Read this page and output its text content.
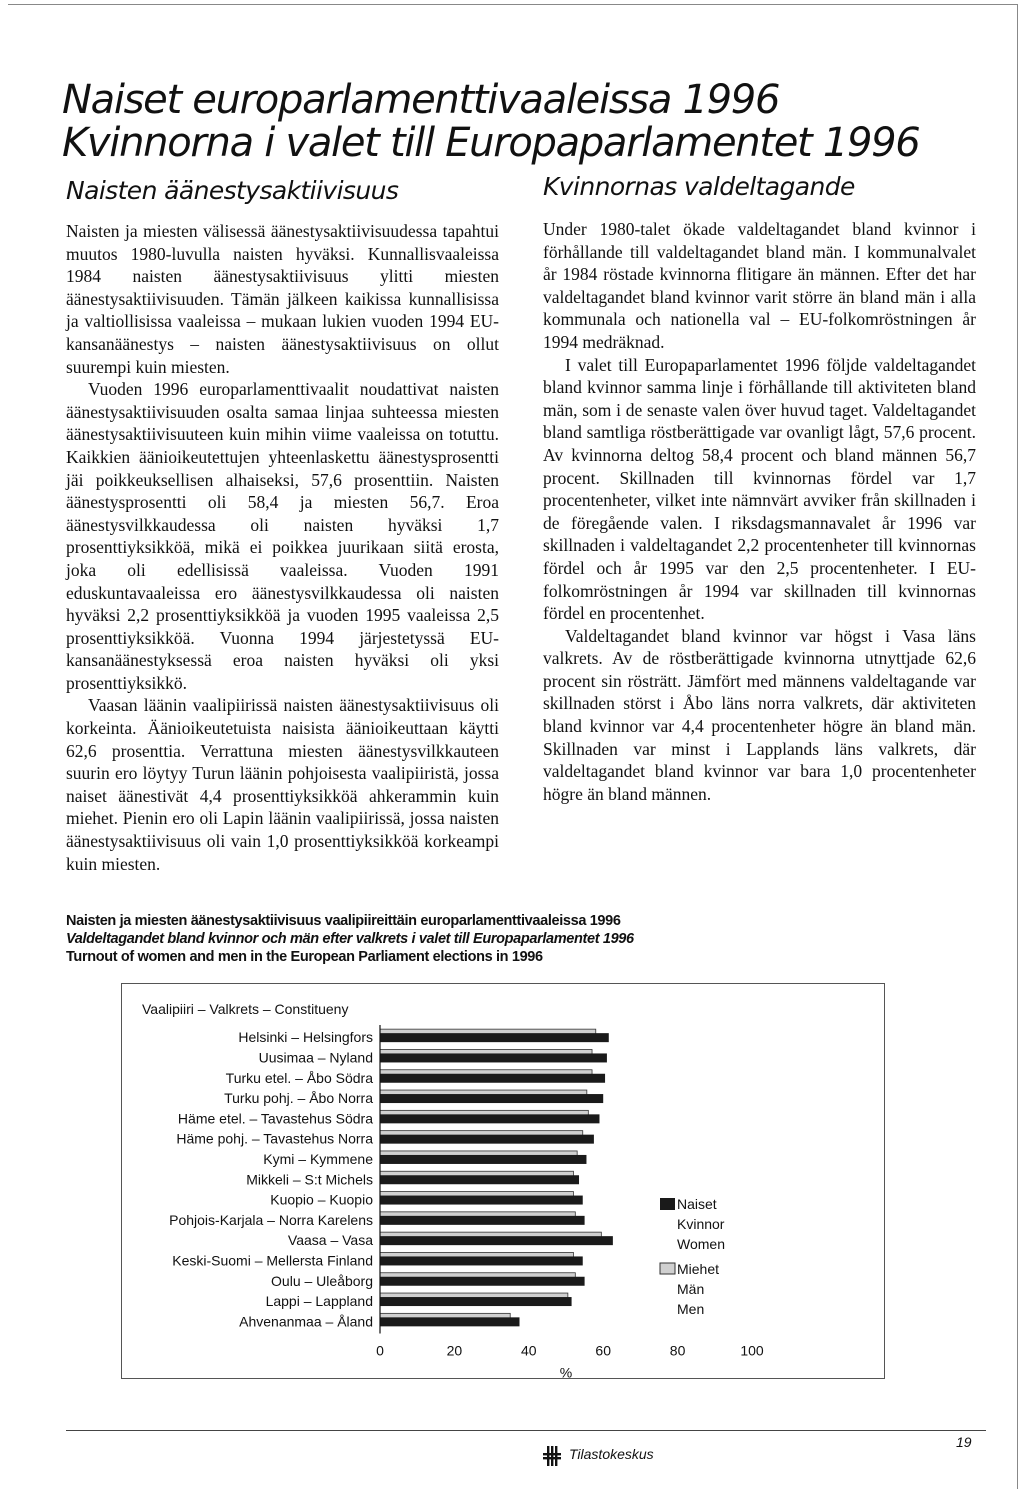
Naiset europarlamenttivaaleissa 1996
Kvinnorna i valet till Europaparlamentet 1996
Naisten äänestysaktiivisuus	Kvinnornas valdeltagande

Naisten ja miesten välisessä äänestysaktiivisuudessa tapahtui muutos 1980-luvulla naisten hyväksi. Kunnallisvaaleissa 1984 naisten äänestysaktiivisuus ylitti miesten äänestysaktiivisuuden. Tämän jälkeen kaikissa kunnallisissa ja valtiollisissa vaaleissa – mukaan lukien vuoden 1994 EU-kansanäänestys – naisten äänestysaktiivisuus on ollut suurempi kuin miesten.

Vuoden 1996 europarlamenttivaalit noudattivat naisten äänestysaktiivisuuden osalta samaa linjaa suhteessa miesten äänestysaktiivisuuteen kuin mihin viime vaaleissa on totuttu. Kaikkien äänioikeutettujen yhteenlaskettu äänestysprosentti jäi poikkeuksellisen alhaiseksi, 57,6 prosenttiin. Naisten äänestysprosentti oli 58,4 ja miesten 56,7. Eroa äänestysvilkkaudessa oli naisten hyväksi 1,7 prosenttiyksikköä, mikä ei poikkea juurikaan siitä erosta, joka oli edellisissä vaaleissa. Vuoden 1991 eduskuntavaaleissa ero äänestysvilkkaudessa oli naisten hyväksi 2,2 prosenttiyksikköä ja vuoden 1995 vaaleissa 2,5 prosenttiyksikköä. Vuonna 1994 järjestetyssä EU-kansanäänestyksessä eroa naisten hyväksi oli yksi prosenttiyksikkö.

Vaasan läänin vaalipiirissä naisten äänestysaktiivisuus oli korkeinta. Äänioikeutetuista naisista äänioikeuttaan käytti 62,6 prosenttia. Verrattuna miesten äänestysvilkkauteen suurin ero löytyy Turun läänin pohjoisesta vaalipiiristä, jossa naiset äänestivät 4,4 prosenttiyksikköä ahkerammin kuin miehet. Pienin ero oli Lapin läänin vaalipiirissä, jossa naisten äänestysaktiivisuus oli vain 1,0 prosenttiyksikköä korkeampi kuin miesten.

Under 1980-talet ökade valdeltagandet bland kvinnor i förhållande till valdeltagandet bland män. I kommunalvalet år 1984 röstade kvinnorna flitigare än männen. Efter det har valdeltagandet bland kvinnor varit större än bland män i alla kommunala och nationella val – EU-folkomröstningen år 1994 medräknad.

I valet till Europaparlamentet 1996 följde valdeltagandet bland kvinnor samma linje i förhållande till aktiviteten bland män, som i de senaste valen över huvud taget. Valdeltagandet bland samtliga röstberättigade var ovanligt lågt, 57,6 procent. Av kvinnorna deltog 58,4 procent och bland männen 56,7 procent. Skillnaden till kvinnornas fördel var 1,7 procentenheter, vilket inte nämnvärt avviker från skillnaden i de föregående valen. I riksdagsmannavalet år 1996 var skillnaden i valdeltagandet 2,2 procentenheter till kvinnornas fördel och år 1995 var den 2,5 procentenheter. I EU-folkomröstningen år 1994 var skillnaden till kvinnornas fördel en procentenhet.

Valdeltagandet bland kvinnor var högst i Vasa läns valkrets. Av de röstberättigade kvinnorna utnyttjade 62,6 procent sin rösträtt. Jämfört med männens valdeltagande var skillnaden störst i Åbo läns norra valkrets, där aktiviteten bland kvinnor var 4,4 procentenheter högre än bland män. Skillnaden var minst i Lapplands läns valkrets, där valdeltagandet bland kvinnor var bara 1,0 procentenheter högre än bland männen.

Naisten ja miesten äänestysaktiivisuus vaalipiireittäin europarlamenttivaaleissa 1996
Valdeltagandet bland kvinnor och män efter valkrets i valet till Europaparlamentet 1996
Turnout of women and men in the European Parliament elections in 1996
Vaalipiiri – Valkrets – Constitueny
Helsinki – Helsingfors
Uusimaa – Nyland
Turku etel. – Åbo Södra
Turku pohj. – Åbo Norra
Häme etel. – Tavastehus Södra
Häme pohj. – Tavastehus Norra
Kymi – Kymmene
Mikkeli – S:t Michels
Kuopio – Kuopio
Pohjois-Karjala – Norra Karelens
Vaasa – Vasa
Keski-Suomi – Mellersta Finland
Oulu – Uleåborg
Lappi – Lappland
Ahvenanmaa – Åland
0	20	40	60	80	100
%
Naiset
Kvinnor
Women
Miehet
Män
Men
Tilastokeskus
19
